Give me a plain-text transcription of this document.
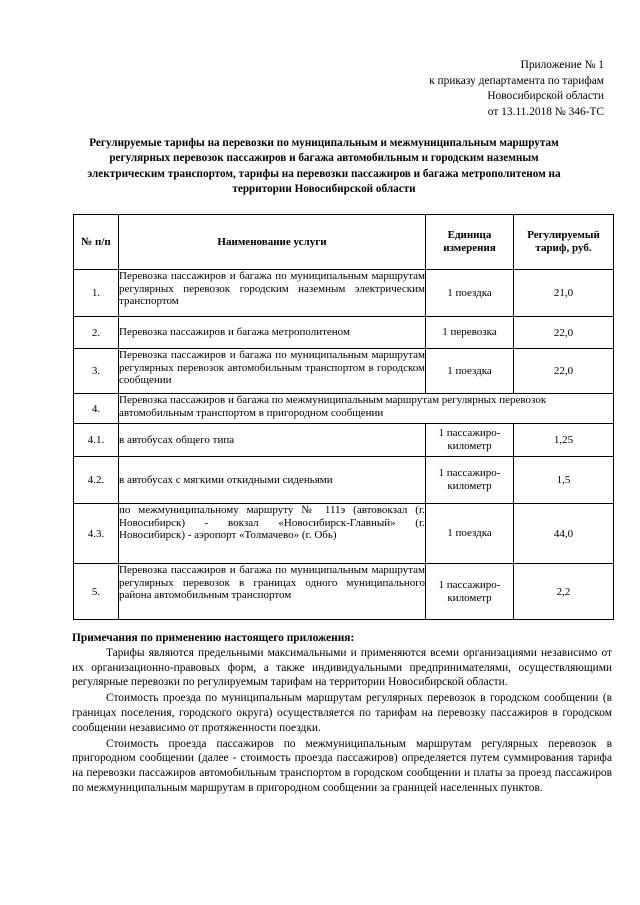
Приложение № 1
к приказу департамента по тарифам
Новосибирской области
от 13.11.2018 № 346-ТС
Регулируемые тарифы на перевозки по муниципальным и межмуниципальным маршрутам регулярных перевозок пассажиров и багажа автомобильным и городским наземным электрическим транспортом, тарифы на перевозки пассажиров и багажа метрополитеном на территории Новосибирской области
№ п/п	Наименование услуги	Единица измерения	Регулируемый тариф, руб.
1.	Перевозка пассажиров и багажа по муниципальным маршрутам регулярных перевозок городским наземным электрическим транспортом	1 поездка	21,0
2.	Перевозка пассажиров и багажа метрополитеном	1 перевозка	22,0
3.	Перевозка пассажиров и багажа по муниципальным маршрутам регулярных перевозок автомобильным транспортом в городском сообщении	1 поездка	22,0
4.	Перевозка пассажиров и багажа по межмуниципальным маршрутам регулярных перевозок автомобильным транспортом в пригородном сообщении		
4.1.	в автобусах общего типа	1 пассажиро-километр	1,25
4.2.	в автобусах с мягкими откидными сиденьями	1 пассажиро-километр	1,5
4.3.	по межмуниципальному маршруту № 111э (автовокзал (г. Новосибирск) - вокзал «Новосибирск-Главный» (г. Новосибирск) - аэропорт «Толмачево» (г. Обь)	1 поездка	44,0
5.	Перевозка пассажиров и багажа по муниципальным маршрутам регулярных перевозок в границах одного муниципального района автомобильным транспортом	1 пассажиро-километр	2,2
Примечания по применению настоящего приложения:

Тарифы являются предельными максимальными и применяются всеми организациями независимо от их организационно-правовых форм, а также индивидуальными предпринимателями, осуществляющими регулярные перевозки по регулируемым тарифам на территории Новосибирской области.

Стоимость проезда по муниципальным маршрутам регулярных перевозок в городском сообщении (в границах поселения, городского округа) осуществляется по тарифам на перевозку пассажиров в городском сообщении независимо от протяженности поездки.

Стоимость проезда пассажиров по межмуниципальным маршрутам регулярных перевозок в пригородном сообщении (далее - стоимость проезда пассажиров) определяется путем суммирования тарифа на перевозки пассажиров автомобильным транспортом в городском сообщении и платы за проезд пассажиров по межмуниципальным маршрутам в пригородном сообщении за границей населенных пунктов.
